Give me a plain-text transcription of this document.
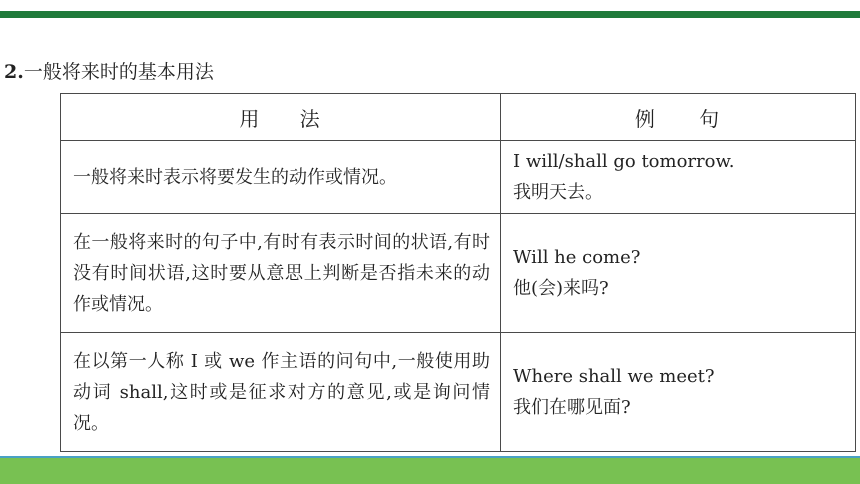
2.一般将来时的基本用法
用 法	例 句
一般将来时表示将要发生的动作或情况。	I will/shall go tomorrow.
我明天去。

在一般将来时的句子中,有时有表示时间的状语,有时没有时间状语,这时要从意思上判断是否指未来的动作或情况。	Will he come?
他(会)来吗?

在以第一人称 I 或 we 作主语的问句中,一般使用助动词 shall,这时或是征求对方的意见,或是询问情况。	Where shall we meet?
我们在哪见面?
